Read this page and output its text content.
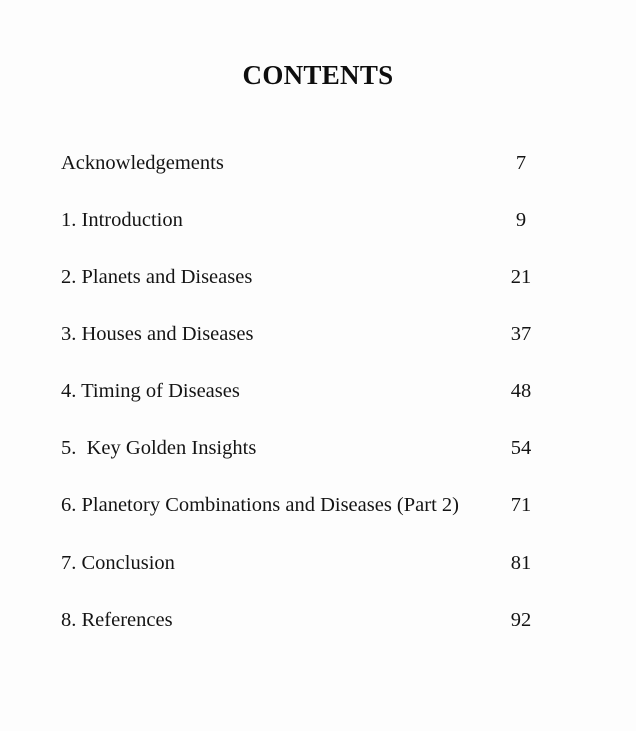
CONTENTS
Acknowledgements	7
1. Introduction	9
2. Planets and Diseases	21
3. Houses and Diseases	37
4. Timing of Diseases	48
5.  Key Golden Insights	54
6. Planetory Combinations and Diseases (Part 2)	71
7. Conclusion	81
8. References	92
